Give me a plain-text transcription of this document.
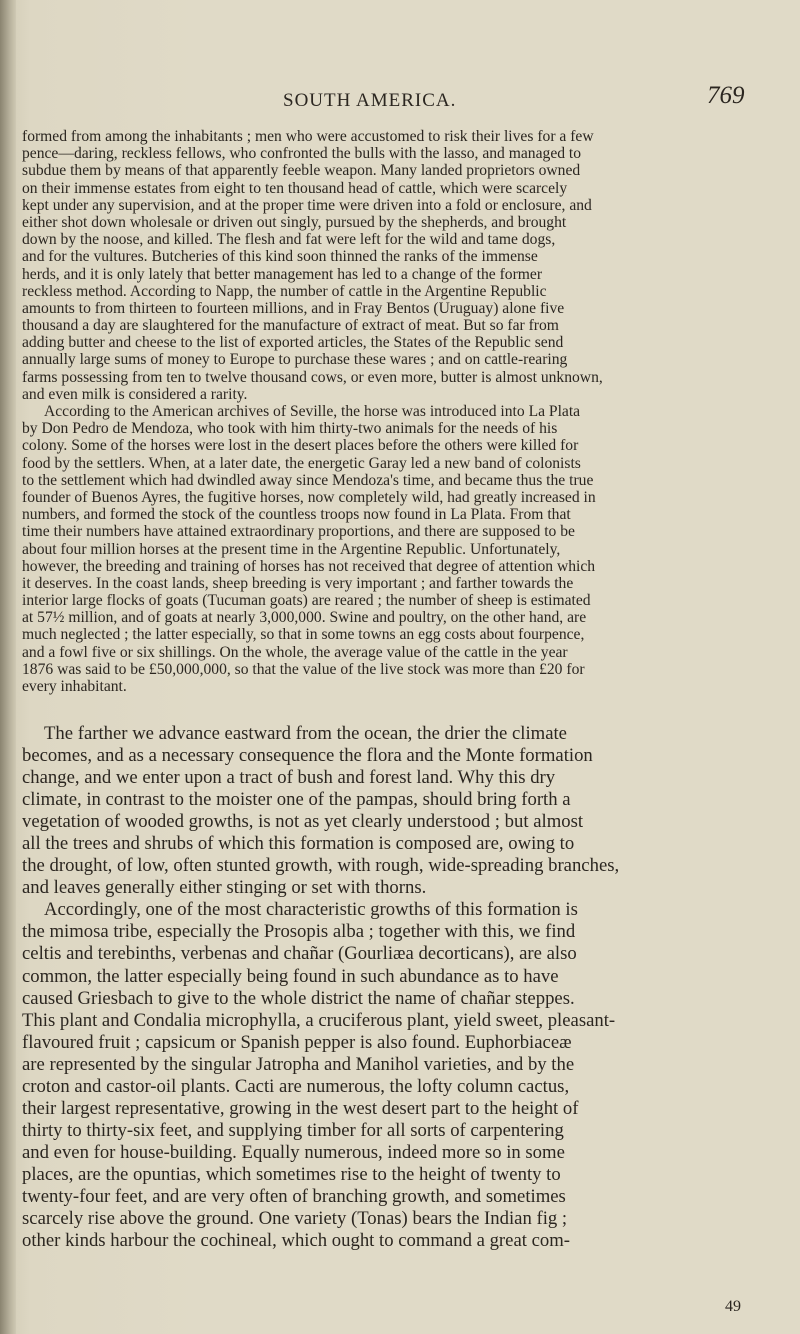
SOUTH AMERICA.	769
formed from among the inhabitants ; men who were accustomed to risk their lives for a few
pence—daring, reckless fellows, who confronted the bulls with the lasso, and managed to
subdue them by means of that apparently feeble weapon. Many landed proprietors owned
on their immense estates from eight to ten thousand head of cattle, which were scarcely
kept under any supervision, and at the proper time were driven into a fold or enclosure, and
either shot down wholesale or driven out singly, pursued by the shepherds, and brought
down by the noose, and killed. The flesh and fat were left for the wild and tame dogs,
and for the vultures. Butcheries of this kind soon thinned the ranks of the immense
herds, and it is only lately that better management has led to a change of the former
reckless method. According to Napp, the number of cattle in the Argentine Republic
amounts to from thirteen to fourteen millions, and in Fray Bentos (Uruguay) alone five
thousand a day are slaughtered for the manufacture of extract of meat. But so far from
adding butter and cheese to the list of exported articles, the States of the Republic send
annually large sums of money to Europe to purchase these wares ; and on cattle-rearing
farms possessing from ten to twelve thousand cows, or even more, butter is almost unknown,
and even milk is considered a rarity.
According to the American archives of Seville, the horse was introduced into La Plata
by Don Pedro de Mendoza, who took with him thirty-two animals for the needs of his
colony. Some of the horses were lost in the desert places before the others were killed for
food by the settlers. When, at a later date, the energetic Garay led a new band of colonists
to the settlement which had dwindled away since Mendoza's time, and became thus the true
founder of Buenos Ayres, the fugitive horses, now completely wild, had greatly increased in
numbers, and formed the stock of the countless troops now found in La Plata. From that
time their numbers have attained extraordinary proportions, and there are supposed to be
about four million horses at the present time in the Argentine Republic. Unfortunately,
however, the breeding and training of horses has not received that degree of attention which
it deserves. In the coast lands, sheep breeding is very important ; and farther towards the
interior large flocks of goats (Tucuman goats) are reared ; the number of sheep is estimated
at 57½ million, and of goats at nearly 3,000,000. Swine and poultry, on the other hand, are
much neglected ; the latter especially, so that in some towns an egg costs about fourpence,
and a fowl five or six shillings. On the whole, the average value of the cattle in the year
1876 was said to be £50,000,000, so that the value of the live stock was more than £20 for
every inhabitant.
The farther we advance eastward from the ocean, the drier the climate
becomes, and as a necessary consequence the flora and the Monte formation
change, and we enter upon a tract of bush and forest land. Why this dry
climate, in contrast to the moister one of the pampas, should bring forth a
vegetation of wooded growths, is not as yet clearly understood ; but almost
all the trees and shrubs of which this formation is composed are, owing to
the drought, of low, often stunted growth, with rough, wide-spreading branches,
and leaves generally either stinging or set with thorns.
Accordingly, one of the most characteristic growths of this formation is
the mimosa tribe, especially the Prosopis alba ; together with this, we find
celtis and terebinths, verbenas and chañar (Gourliæa decorticans), are also
common, the latter especially being found in such abundance as to have
caused Griesbach to give to the whole district the name of chañar steppes.
This plant and Condalia microphylla, a cruciferous plant, yield sweet, pleasant-
flavoured fruit ; capsicum or Spanish pepper is also found. Euphorbiaceæ
are represented by the singular Jatropha and Manihol varieties, and by the
croton and castor-oil plants. Cacti are numerous, the lofty column cactus,
their largest representative, growing in the west desert part to the height of
thirty to thirty-six feet, and supplying timber for all sorts of carpentering
and even for house-building. Equally numerous, indeed more so in some
places, are the opuntias, which sometimes rise to the height of twenty to
twenty-four feet, and are very often of branching growth, and sometimes
scarcely rise above the ground. One variety (Tonas) bears the Indian fig ;
other kinds harbour the cochineal, which ought to command a great com-
49
